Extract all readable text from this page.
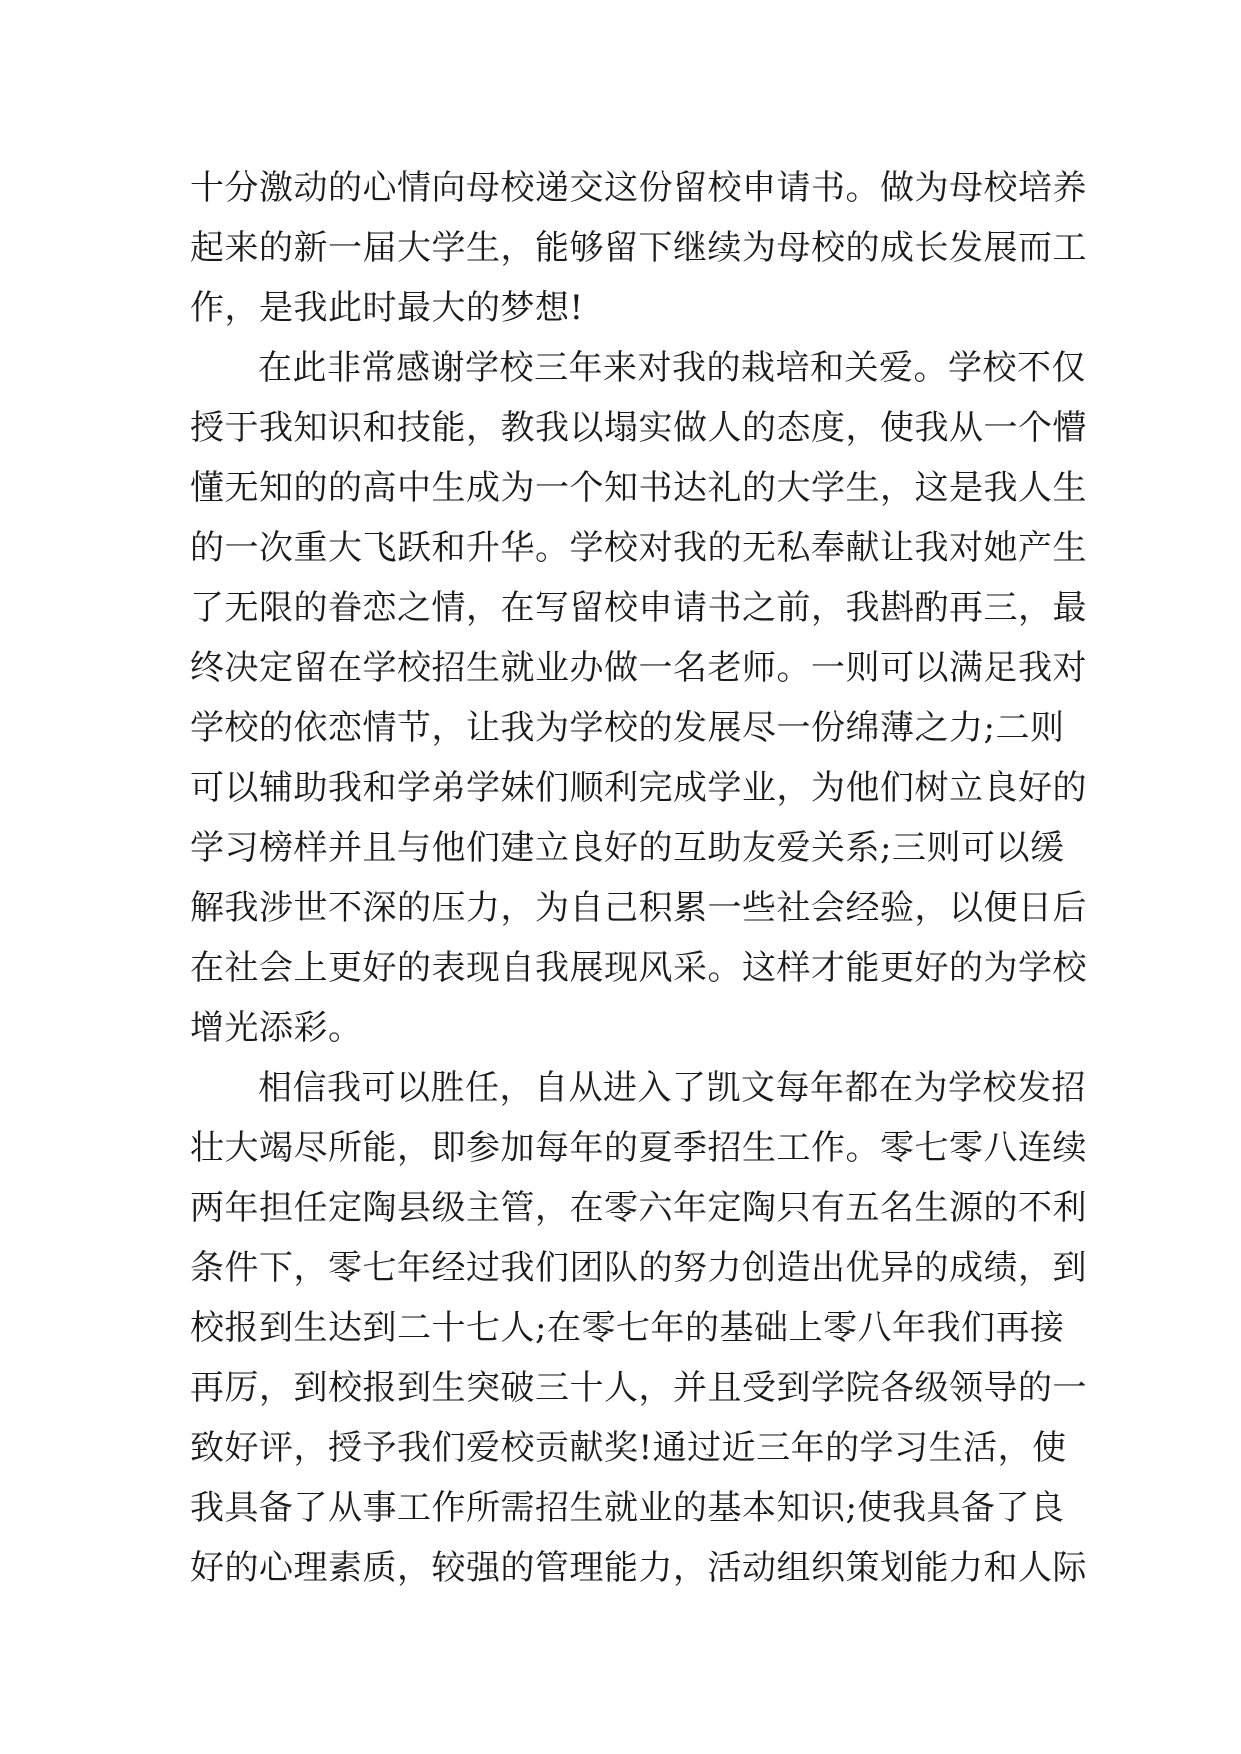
十分激动的心情向母校递交这份留校申请书。做为母校培养
起来的新一届大学生，能够留下继续为母校的成长发展而工
作，是我此时最大的梦想!
在此非常感谢学校三年来对我的栽培和关爱。学校不仅
授于我知识和技能，教我以塌实做人的态度，使我从一个懵
懂无知的的高中生成为一个知书达礼的大学生，这是我人生
的一次重大飞跃和升华。学校对我的无私奉献让我对她产生
了无限的眷恋之情，在写留校申请书之前，我斟酌再三，最
终决定留在学校招生就业办做一名老师。一则可以满足我对
学校的依恋情节，让我为学校的发展尽一份绵薄之力;二则
可以辅助我和学弟学妹们顺利完成学业，为他们树立良好的
学习榜样并且与他们建立良好的互助友爱关系;三则可以缓
解我涉世不深的压力，为自己积累一些社会经验，以便日后
在社会上更好的表现自我展现风采。这样才能更好的为学校
增光添彩。
相信我可以胜任，自从进入了凯文每年都在为学校发招
壮大竭尽所能，即参加每年的夏季招生工作。零七零八连续
两年担任定陶县级主管，在零六年定陶只有五名生源的不利
条件下，零七年经过我们团队的努力创造出优异的成绩，到
校报到生达到二十七人;在零七年的基础上零八年我们再接
再厉，到校报到生突破三十人，并且受到学院各级领导的一
致好评，授予我们爱校贡献奖!通过近三年的学习生活，使
我具备了从事工作所需招生就业的基本知识;使我具备了良
好的心理素质，较强的管理能力，活动组织策划能力和人际
